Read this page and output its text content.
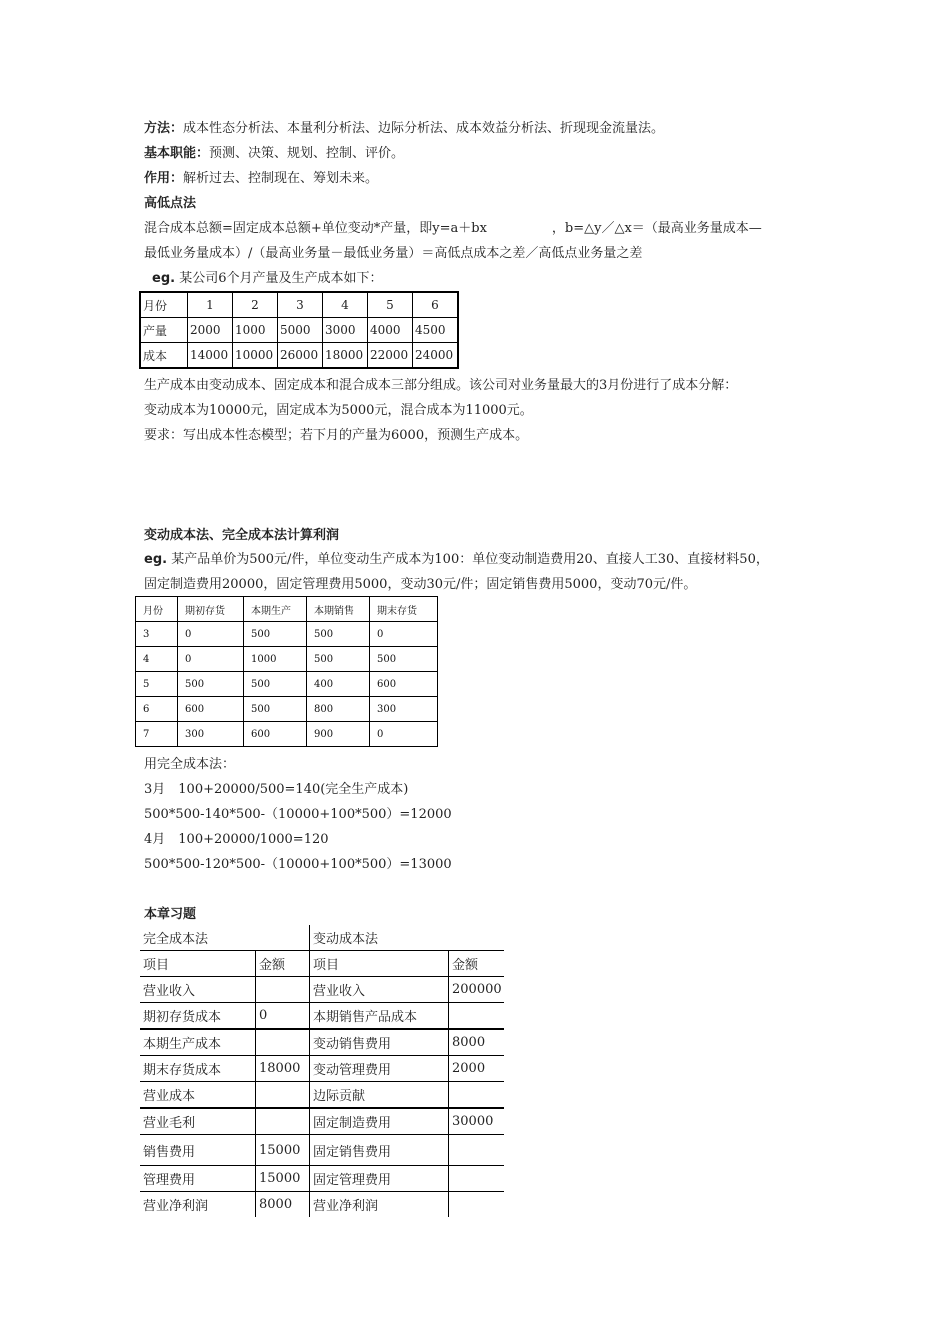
方法：成本性态分析法、本量利分析法、边际分析法、成本效益分析法、折现现金流量法。
基本职能：预测、决策、规划、控制、评价。
作用：解析过去、控制现在、筹划未来。
高低点法
混合成本总额=固定成本总额+单位变动*产量，即y=a＋bx　　　　　，b=△y／△x＝（最高业务量成本—
最低业务量成本）/（最高业务量－最低业务量）＝高低点成本之差／高低点业务量之差
eg. 某公司6个月产量及生产成本如下：
月份	1	2	3	4	5	6
产量	2000	1000	5000	3000	4000	4500
成本	14000	10000	26000	18000	22000	24000
生产成本由变动成本、固定成本和混合成本三部分组成。该公司对业务量最大的3月份进行了成本分解：
变动成本为10000元，固定成本为5000元，混合成本为11000元。
要求：写出成本性态模型；若下月的产量为6000，预测生产成本。
变动成本法、完全成本法计算利润
eg. 某产品单价为500元/件，单位变动生产成本为100：单位变动制造费用20、直接人工30、直接材料50，
固定制造费用20000，固定管理费用5000，变动30元/件；固定销售费用5000，变动70元/件。
月份	期初存货	本期生产	本期销售	期末存货
3	0	500	500	0
4	0	1000	500	500
5	500	500	400	600
6	600	500	800	300
7	300	600	900	0
用完全成本法：
3月　100+20000/500=140(完全生产成本)
500*500-140*500-（10000+100*500）=12000
4月　100+20000/1000=120
500*500-120*500-（10000+100*500）=13000
本章习题
完全成本法		变动成本法	
项目	金额	项目	金额
营业收入		营业收入	200000
期初存货成本	0	本期销售产品成本	
本期生产成本		变动销售费用	8000
期末存货成本	18000	变动管理费用	2000
营业成本		边际贡献	
营业毛利		固定制造费用	30000
销售费用	15000	固定销售费用	
管理费用	15000	固定管理费用	
营业净利润	8000	营业净利润	
